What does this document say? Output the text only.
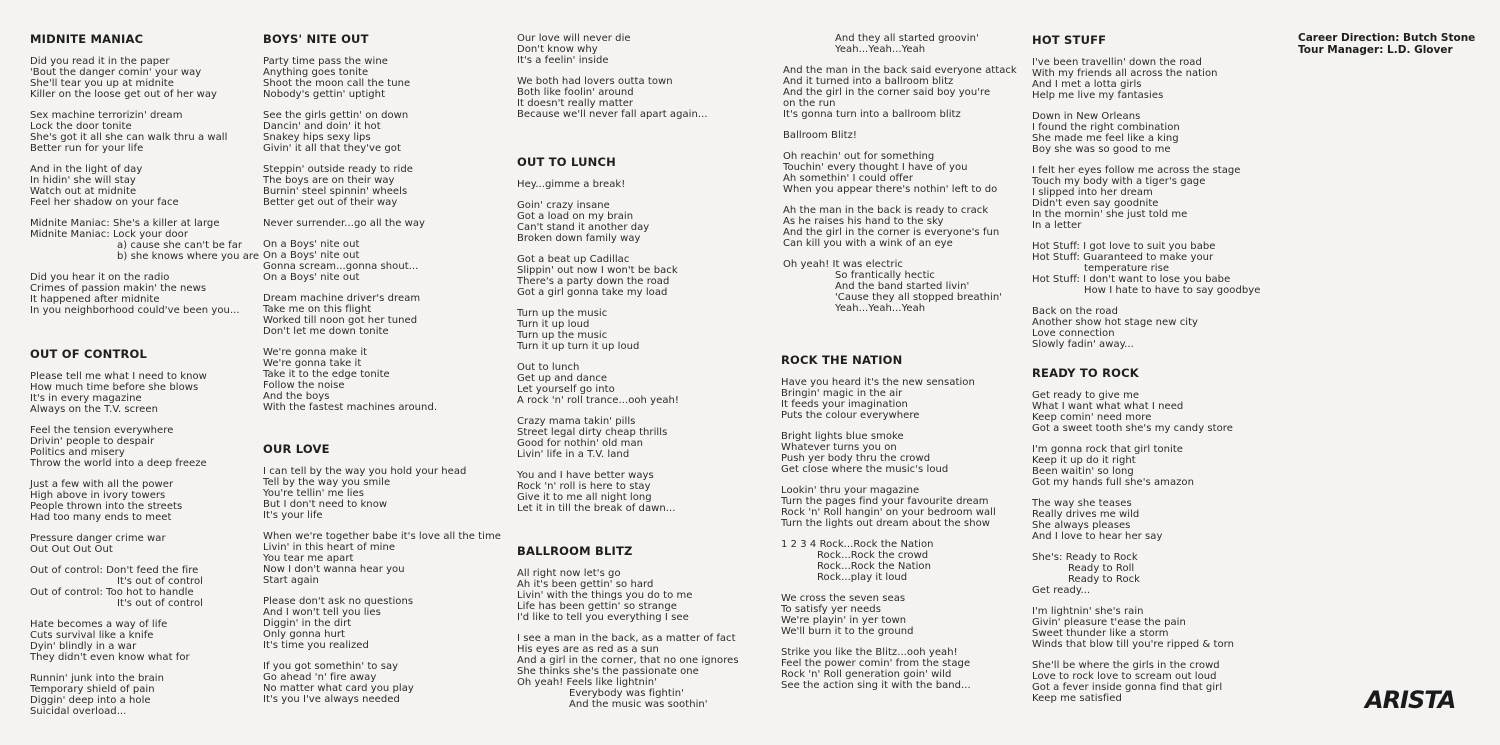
MIDNITE MANIAC
Did you read it in the paper
'Bout the danger comin' your way
She'll tear you up at midnite
Killer on the loose get out of her way
Sex machine terrorizin' dream
Lock the door tonite
She's got it all she can walk thru a wall
Better run for your life
And in the light of day
In hidin' she will stay
Watch out at midnite
Feel her shadow on your face
Midnite Maniac: She's a killer at large
Midnite Maniac: Lock your door
a) cause she can't be far
b) she knows where you are
Did you hear it on the radio
Crimes of passion makin' the news
It happened after midnite
In you neighborhood could've been you...
OUT OF CONTROL
Please tell me what I need to know
How much time before she blows
It's in every magazine
Always on the T.V. screen
Feel the tension everywhere
Drivin' people to despair
Politics and misery
Throw the world into a deep freeze
Just a few with all the power
High above in ivory towers
People thrown into the streets
Had too many ends to meet
Pressure danger crime war
Out Out Out Out
Out of control: Don't feed the fire
It's out of control
Out of control: Too hot to handle
It's out of control
Hate becomes a way of life
Cuts survival like a knife
Dyin' blindly in a war
They didn't even know what for
Runnin' junk into the brain
Temporary shield of pain
Diggin' deep into a hole
Suicidal overload...
BOYS' NITE OUT
Party time pass the wine
Anything goes tonite
Shoot the moon call the tune
Nobody's gettin' uptight
See the girls gettin' on down
Dancin' and doin' it hot
Snakey hips sexy lips
Givin' it all that they've got
Steppin' outside ready to ride
The boys are on their way
Burnin' steel spinnin' wheels
Better get out of their way
Never surrender...go all the way
On a Boys' nite out
On a Boys' nite out
Gonna scream...gonna shout...
On a Boys' nite out
Dream machine driver's dream
Take me on this flight
Worked till noon got her tuned
Don't let me down tonite
We're gonna make it
We're gonna take it
Take it to the edge tonite
Follow the noise
And the boys
With the fastest machines around.
OUR LOVE
I can tell by the way you hold your head
Tell by the way you smile
You're tellin' me lies
But I don't need to know
It's your life
When we're together babe it's love all the time
Livin' in this heart of mine
You tear me apart
Now I don't wanna hear you
Start again
Please don't ask no questions
And I won't tell you lies
Diggin' in the dirt
Only gonna hurt
It's time you realized
If you got somethin' to say
Go ahead 'n' fire away
No matter what card you play
It's you I've always needed
Our love will never die
Don't know why
It's a feelin' inside
We both had lovers outta town
Both like foolin' around
It doesn't really matter
Because we'll never fall apart again...
OUT TO LUNCH
Hey...gimme a break!
Goin' crazy insane
Got a load on my brain
Can't stand it another day
Broken down family way
Got a beat up Cadillac
Slippin' out now I won't be back
There's a party down the road
Got a girl gonna take my load
Turn up the music
Turn it up loud
Turn up the music
Turn it up turn it up loud
Out to lunch
Get up and dance
Let yourself go into
A rock 'n' roll trance...ooh yeah!
Crazy mama takin' pills
Street legal dirty cheap thrills
Good for nothin' old man
Livin' life in a T.V. land
You and I have better ways
Rock 'n' roll is here to stay
Give it to me all night long
Let it in till the break of dawn...
BALLROOM BLITZ
All right now let's go
Ah it's been gettin' so hard
Livin' with the things you do to me
Life has been gettin' so strange
I'd like to tell you everything I see
I see a man in the back, as a matter of fact
His eyes are as red as a sun
And a girl in the corner, that no one ignores
She thinks she's the passionate one
Oh yeah! Feels like lightnin'
Everybody was fightin'
And the music was soothin'
And they all started groovin'
Yeah...Yeah...Yeah
And the man in the back said everyone attack
And it turned into a ballroom blitz
And the girl in the corner said boy you're
on the run
It's gonna turn into a ballroom blitz
Ballroom Blitz!
Oh reachin' out for something
Touchin' every thought I have of you
Ah somethin' I could offer
When you appear there's nothin' left to do
Ah the man in the back is ready to crack
As he raises his hand to the sky
And the girl in the corner is everyone's fun
Can kill you with a wink of an eye
Oh yeah! It was electric
So frantically hectic
And the band started livin'
'Cause they all stopped breathin'
Yeah...Yeah...Yeah
ROCK THE NATION
Have you heard it's the new sensation
Bringin' magic in the air
It feeds your imagination
Puts the colour everywhere
Bright lights blue smoke
Whatever turns you on
Push yer body thru the crowd
Get close where the music's loud
Lookin' thru your magazine
Turn the pages find your favourite dream
Rock 'n' Roll hangin' on your bedroom wall
Turn the lights out dream about the show
1 2 3 4 Rock...Rock the Nation
Rock...Rock the crowd
Rock...Rock the Nation
Rock...play it loud
We cross the seven seas
To satisfy yer needs
We're playin' in yer town
We'll burn it to the ground
Strike you like the Blitz...ooh yeah!
Feel the power comin' from the stage
Rock 'n' Roll generation goin' wild
See the action sing it with the band...
HOT STUFF
I've been travellin' down the road
With my friends all across the nation
And I met a lotta girls
Help me live my fantasies
Down in New Orleans
I found the right combination
She made me feel like a king
Boy she was so good to me
I felt her eyes follow me across the stage
Touch my body with a tiger's gage
I slipped into her dream
Didn't even say goodnite
In the mornin' she just told me
In a letter
Hot Stuff: I got love to suit you babe
Hot Stuff: Guaranteed to make your
temperature rise
Hot Stuff: I don't want to lose you babe
How I hate to have to say goodbye
Back on the road
Another show hot stage new city
Love connection
Slowly fadin' away...
READY TO ROCK
Get ready to give me
What I want what what I need
Keep comin' need more
Got a sweet tooth she's my candy store
I'm gonna rock that girl tonite
Keep it up do it right
Been waitin' so long
Got my hands full she's amazon
The way she teases
Really drives me wild
She always pleases
And I love to hear her say
She's: Ready to Rock
Ready to Roll
Ready to Rock
Get ready...
I'm lightnin' she's rain
Givin' pleasure t'ease the pain
Sweet thunder like a storm
Winds that blow till you're ripped & torn
She'll be where the girls in the crowd
Love to rock love to scream out loud
Got a fever inside gonna find that girl
Keep me satisfied
Career Direction: Butch Stone
Tour Manager: L.D. Glover
ARISTA
